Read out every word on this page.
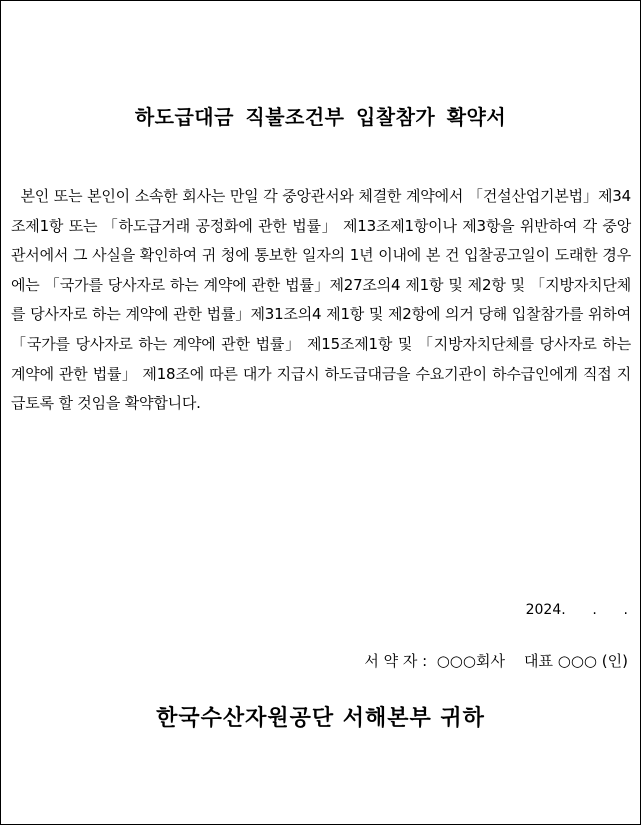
하도급대금 직불조건부 입찰참가 확약서

본인 또는 본인이 소속한 회사는 만일 각 중앙관서와 체결한 계약에서 「건설산업기본법」제34조제1항 또는 「하도급거래 공정화에 관한 법률」 제13조제1항이나 제3항을 위반하여 각 중앙관서에서 그 사실을 확인하여 귀 청에 통보한 일자의 1년 이내에 본 건 입찰공고일이 도래한 경우에는 「국가를 당사자로 하는 계약에 관한 법률」제27조의4 제1항 및 제2항 및 「지방자치단체를 당사자로 하는 계약에 관한 법률」제31조의4 제1항 및 제2항에 의거 당해 입찰참가를 위하여 「국가를 당사자로 하는 계약에 관한 법률」 제15조제1항 및 「지방자치단체를 당사자로 하는 계약에 관한 법률」 제18조에 따른 대가 지급시 하도급대금을 수요기관이 하수급인에게 직접 지급토록 할 것임을 확약합니다.

2024.      .      .
서 약 자 :  ○○○회사    대표 ○○○ (인)
한국수산자원공단 서해본부 귀하
